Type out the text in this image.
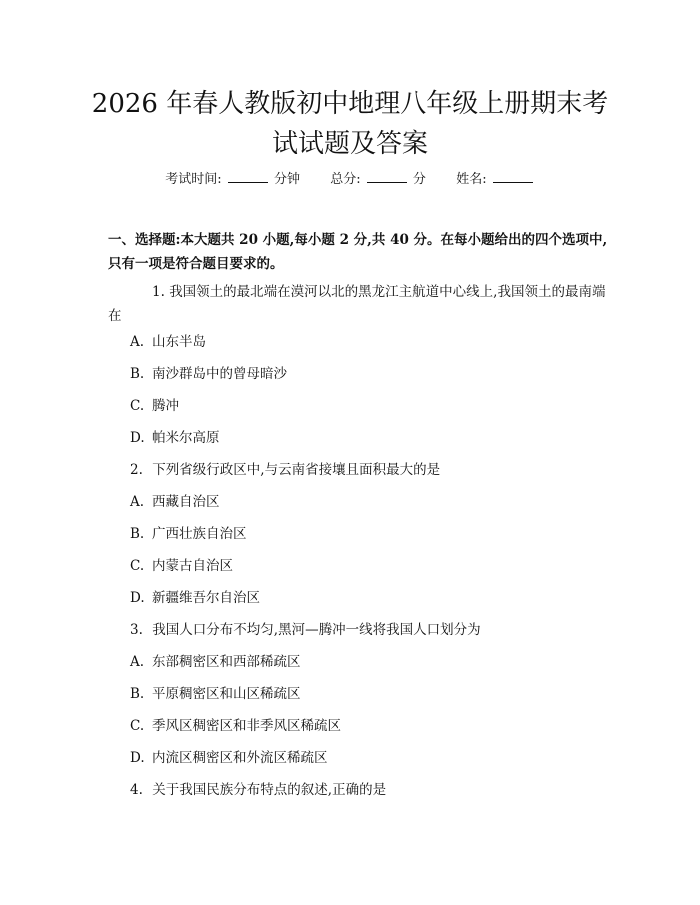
2026 年春人教版初中地理八年级上册期末考
试试题及答案
考试时间:	分钟 总分:	分 姓名:

一、选择题:本大题共 20 小题,每小题 2 分,共 40 分。在每小题给出的四个选项中,只有一项是符合题目要求的。

1. 我国领土的最北端在漠河以北的黑龙江主航道中心线上,我国领土的最南端在

A. 山东半岛

B. 南沙群岛中的曾母暗沙

C. 腾冲

D. 帕米尔高原

2. 下列省级行政区中,与云南省接壤且面积最大的是

A. 西藏自治区

B. 广西壮族自治区

C. 内蒙古自治区

D. 新疆维吾尔自治区

3. 我国人口分布不均匀,黑河—腾冲一线将我国人口划分为

A. 东部稠密区和西部稀疏区

B. 平原稠密区和山区稀疏区

C. 季风区稠密区和非季风区稀疏区

D. 内流区稠密区和外流区稀疏区

4. 关于我国民族分布特点的叙述,正确的是
